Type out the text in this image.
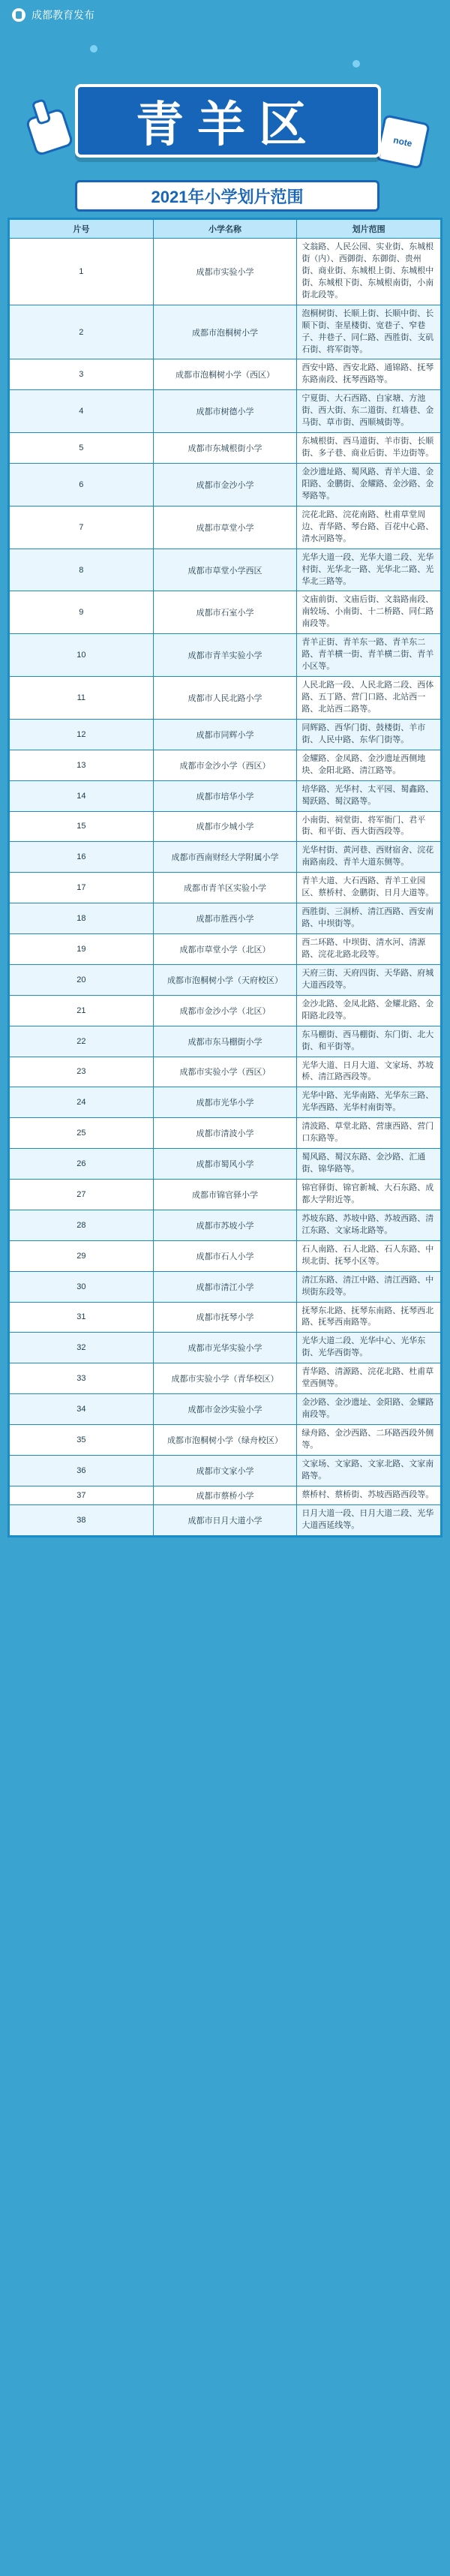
成都教育发布
note
青羊区
2021年小学划片范围
片号	小学名称	划片范围
1	成都市实验小学	文翁路、人民公园、实业街、东城根街（内）、西御街、东御街、贵州街、商业街、东城根上街、东城根中街、东城根下街、东城根南街，小南街北段等。
2	成都市泡桐树小学	泡桐树街、长顺上街、长顺中街、长顺下街、奎星楼街、宽巷子、窄巷子、井巷子、同仁路、西胜街、支矶石街、将军街等。
3	成都市泡桐树小学（西区）	西安中路、西安北路、通锦路、抚琴东路南段、抚琴西路等。
4	成都市树德小学	宁夏街、大石西路、白家塘、方池街、西大街、东二道街、红墙巷、金马街、草市街、西顺城街等。
5	成都市东城根街小学	东城根街、西马道街、羊市街、长顺街、多子巷、商业后街、半边街等。
6	成都市金沙小学	金沙遗址路、蜀风路、青羊大道、金阳路、金鹏街、金耀路、金沙路、金琴路等。
7	成都市草堂小学	浣花北路、浣花南路、杜甫草堂周边、青华路、琴台路、百花中心路、清水河路等。
8	成都市草堂小学西区	光华大道一段、光华大道二段、光华村街、光华北一路、光华北二路、光华北三路等。
9	成都市石室小学	文庙前街、文庙后街、文翁路南段、南较场、小南街、十二桥路、同仁路南段等。
10	成都市青羊实验小学	青羊正街、青羊东一路、青羊东二路、青羊横一街、青羊横二街、青羊小区等。
11	成都市人民北路小学	人民北路一段、人民北路二段、西体路、五丁路、营门口路、北站西一路、北站西二路等。
12	成都市同辉小学	同辉路、西华门街、鼓楼街、羊市街、人民中路、东华门街等。
13	成都市金沙小学（西区）	金耀路、金凤路、金沙遗址西侧地块、金阳北路、清江路等。
14	成都市培华小学	培华路、光华村、太平园、蜀鑫路、蜀跃路、蜀汉路等。
15	成都市少城小学	小南街、祠堂街、将军衙门、君平街、和平街、西大街西段等。
16	成都市西南财经大学附属小学	光华村街、黄河巷、西财宿舍、浣花南路南段、青羊大道东侧等。
17	成都市青羊区实验小学	青羊大道、大石西路、青羊工业园区、蔡桥村、金鹏街、日月大道等。
18	成都市胜西小学	西胜街、三洞桥、清江西路、西安南路、中坝街等。
19	成都市草堂小学（北区）	西二环路、中坝街、清水河、清源路、浣花北路北段等。
20	成都市泡桐树小学（天府校区）	天府三街、天府四街、天华路、府城大道西段等。
21	成都市金沙小学（北区）	金沙北路、金凤北路、金耀北路、金阳路北段等。
22	成都市东马棚街小学	东马棚街、西马棚街、东门街、北大街、和平街等。
23	成都市实验小学（西区）	光华大道、日月大道、文家场、苏坡桥、清江路西段等。
24	成都市光华小学	光华中路、光华南路、光华东三路、光华西路、光华村南街等。
25	成都市清波小学	清波路、草堂北路、营康西路、营门口东路等。
26	成都市蜀风小学	蜀风路、蜀汉东路、金沙路、汇通街、锦华路等。
27	成都市锦官驿小学	锦官驿街、锦官新城、大石东路、成都大学附近等。
28	成都市苏坡小学	苏坡东路、苏坡中路、苏坡西路、清江东路、文家场北路等。
29	成都市石人小学	石人南路、石人北路、石人东路、中坝北街、抚琴小区等。
30	成都市清江小学	清江东路、清江中路、清江西路、中坝街东段等。
31	成都市抚琴小学	抚琴东北路、抚琴东南路、抚琴西北路、抚琴西南路等。
32	成都市光华实验小学	光华大道二段、光华中心、光华东街、光华西街等。
33	成都市实验小学（青华校区）	青华路、清源路、浣花北路、杜甫草堂西侧等。
34	成都市金沙实验小学	金沙路、金沙遗址、金阳路、金耀路南段等。
35	成都市泡桐树小学（绿舟校区）	绿舟路、金沙西路、二环路西段外侧等。
36	成都市文家小学	文家场、文家路、文家北路、文家南路等。
37	成都市蔡桥小学	蔡桥村、蔡桥街、苏坡西路西段等。
38	成都市日月大道小学	日月大道一段、日月大道二段、光华大道西延线等。
